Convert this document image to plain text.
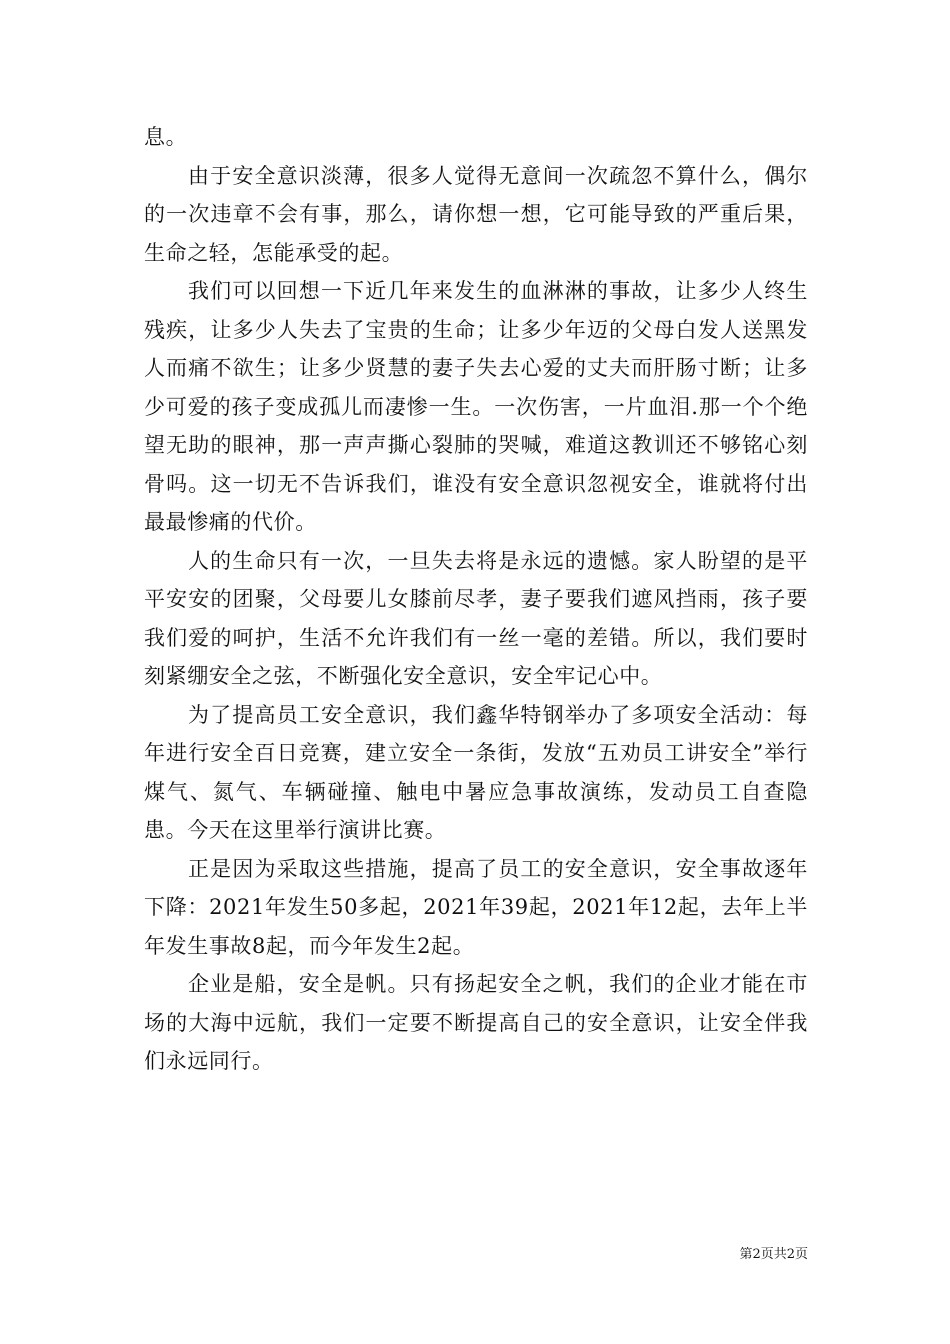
息。

由于安全意识淡薄，很多人觉得无意间一次疏忽不算什么，偶尔的一次违章不会有事，那么，请你想一想，它可能导致的严重后果，生命之轻，怎能承受的起。

我们可以回想一下近几年来发生的血淋淋的事故，让多少人终生残疾，让多少人失去了宝贵的生命；让多少年迈的父母白发人送黑发人而痛不欲生；让多少贤慧的妻子失去心爱的丈夫而肝肠寸断；让多少可爱的孩子变成孤儿而凄惨一生。一次伤害，一片血泪.那一个个绝望无助的眼神，那一声声撕心裂肺的哭喊，难道这教训还不够铭心刻骨吗。这一切无不告诉我们，谁没有安全意识忽视安全，谁就将付出最最惨痛的代价。

人的生命只有一次，一旦失去将是永远的遗憾。家人盼望的是平平安安的团聚，父母要儿女膝前尽孝，妻子要我们遮风挡雨，孩子要我们爱的呵护，生活不允许我们有一丝一毫的差错。所以，我们要时刻紧绷安全之弦，不断强化安全意识，安全牢记心中。

为了提高员工安全意识，我们鑫华特钢举办了多项安全活动：每年进行安全百日竞赛，建立安全一条街，发放“五劝员工讲安全”举行煤气、氮气、车辆碰撞、触电中暑应急事故演练，发动员工自查隐患。今天在这里举行演讲比赛。

正是因为采取这些措施，提高了员工的安全意识，安全事故逐年下降：2021年发生50多起，2021年39起，2021年12起，去年上半年发生事故8起，而今年发生2起。

企业是船，安全是帆。只有扬起安全之帆，我们的企业才能在市场的大海中远航，我们一定要不断提高自己的安全意识，让安全伴我们永远同行。

第2页共2页
